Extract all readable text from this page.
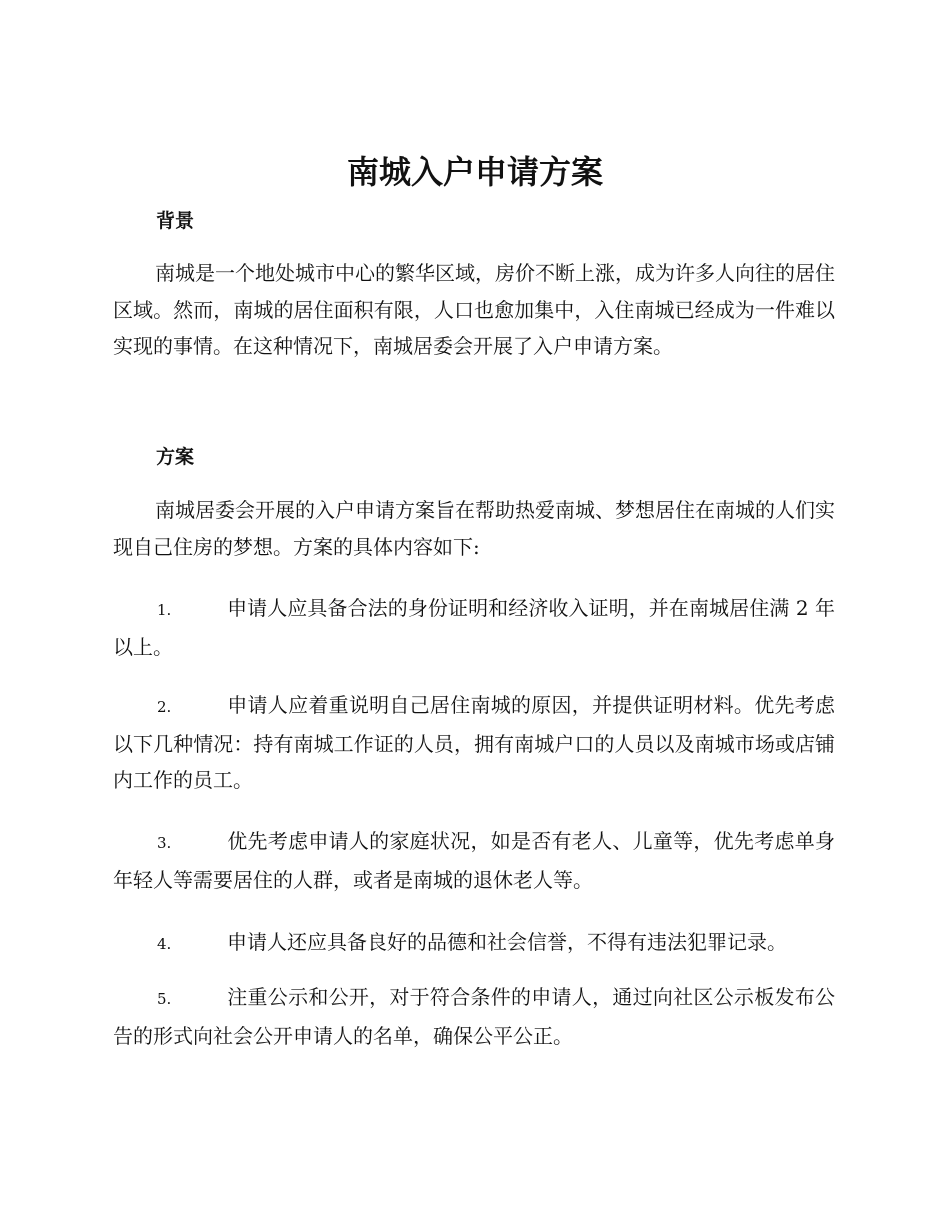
南城入户申请方案
背景
南城是一个地处城市中心的繁华区域，房价不断上涨，成为许多人向往的居住区域。然而，南城的居住面积有限，人口也愈加集中，入住南城已经成为一件难以实现的事情。在这种情况下，南城居委会开展了入户申请方案。
方案
南城居委会开展的入户申请方案旨在帮助热爱南城、梦想居住在南城的人们实现自己住房的梦想。方案的具体内容如下:
1.	申请人应具备合法的身份证明和经济收入证明，并在南城居住满 2 年以上。
2.	申请人应着重说明自己居住南城的原因，并提供证明材料。优先考虑以下几种情况：持有南城工作证的人员，拥有南城户口的人员以及南城市场或店铺内工作的员工。
3.	优先考虑申请人的家庭状况，如是否有老人、儿童等，优先考虑单身年轻人等需要居住的人群，或者是南城的退休老人等。
4.	申请人还应具备良好的品德和社会信誉，不得有违法犯罪记录。
5.	注重公示和公开，对于符合条件的申请人，通过向社区公示板发布公告的形式向社会公开申请人的名单，确保公平公正。
